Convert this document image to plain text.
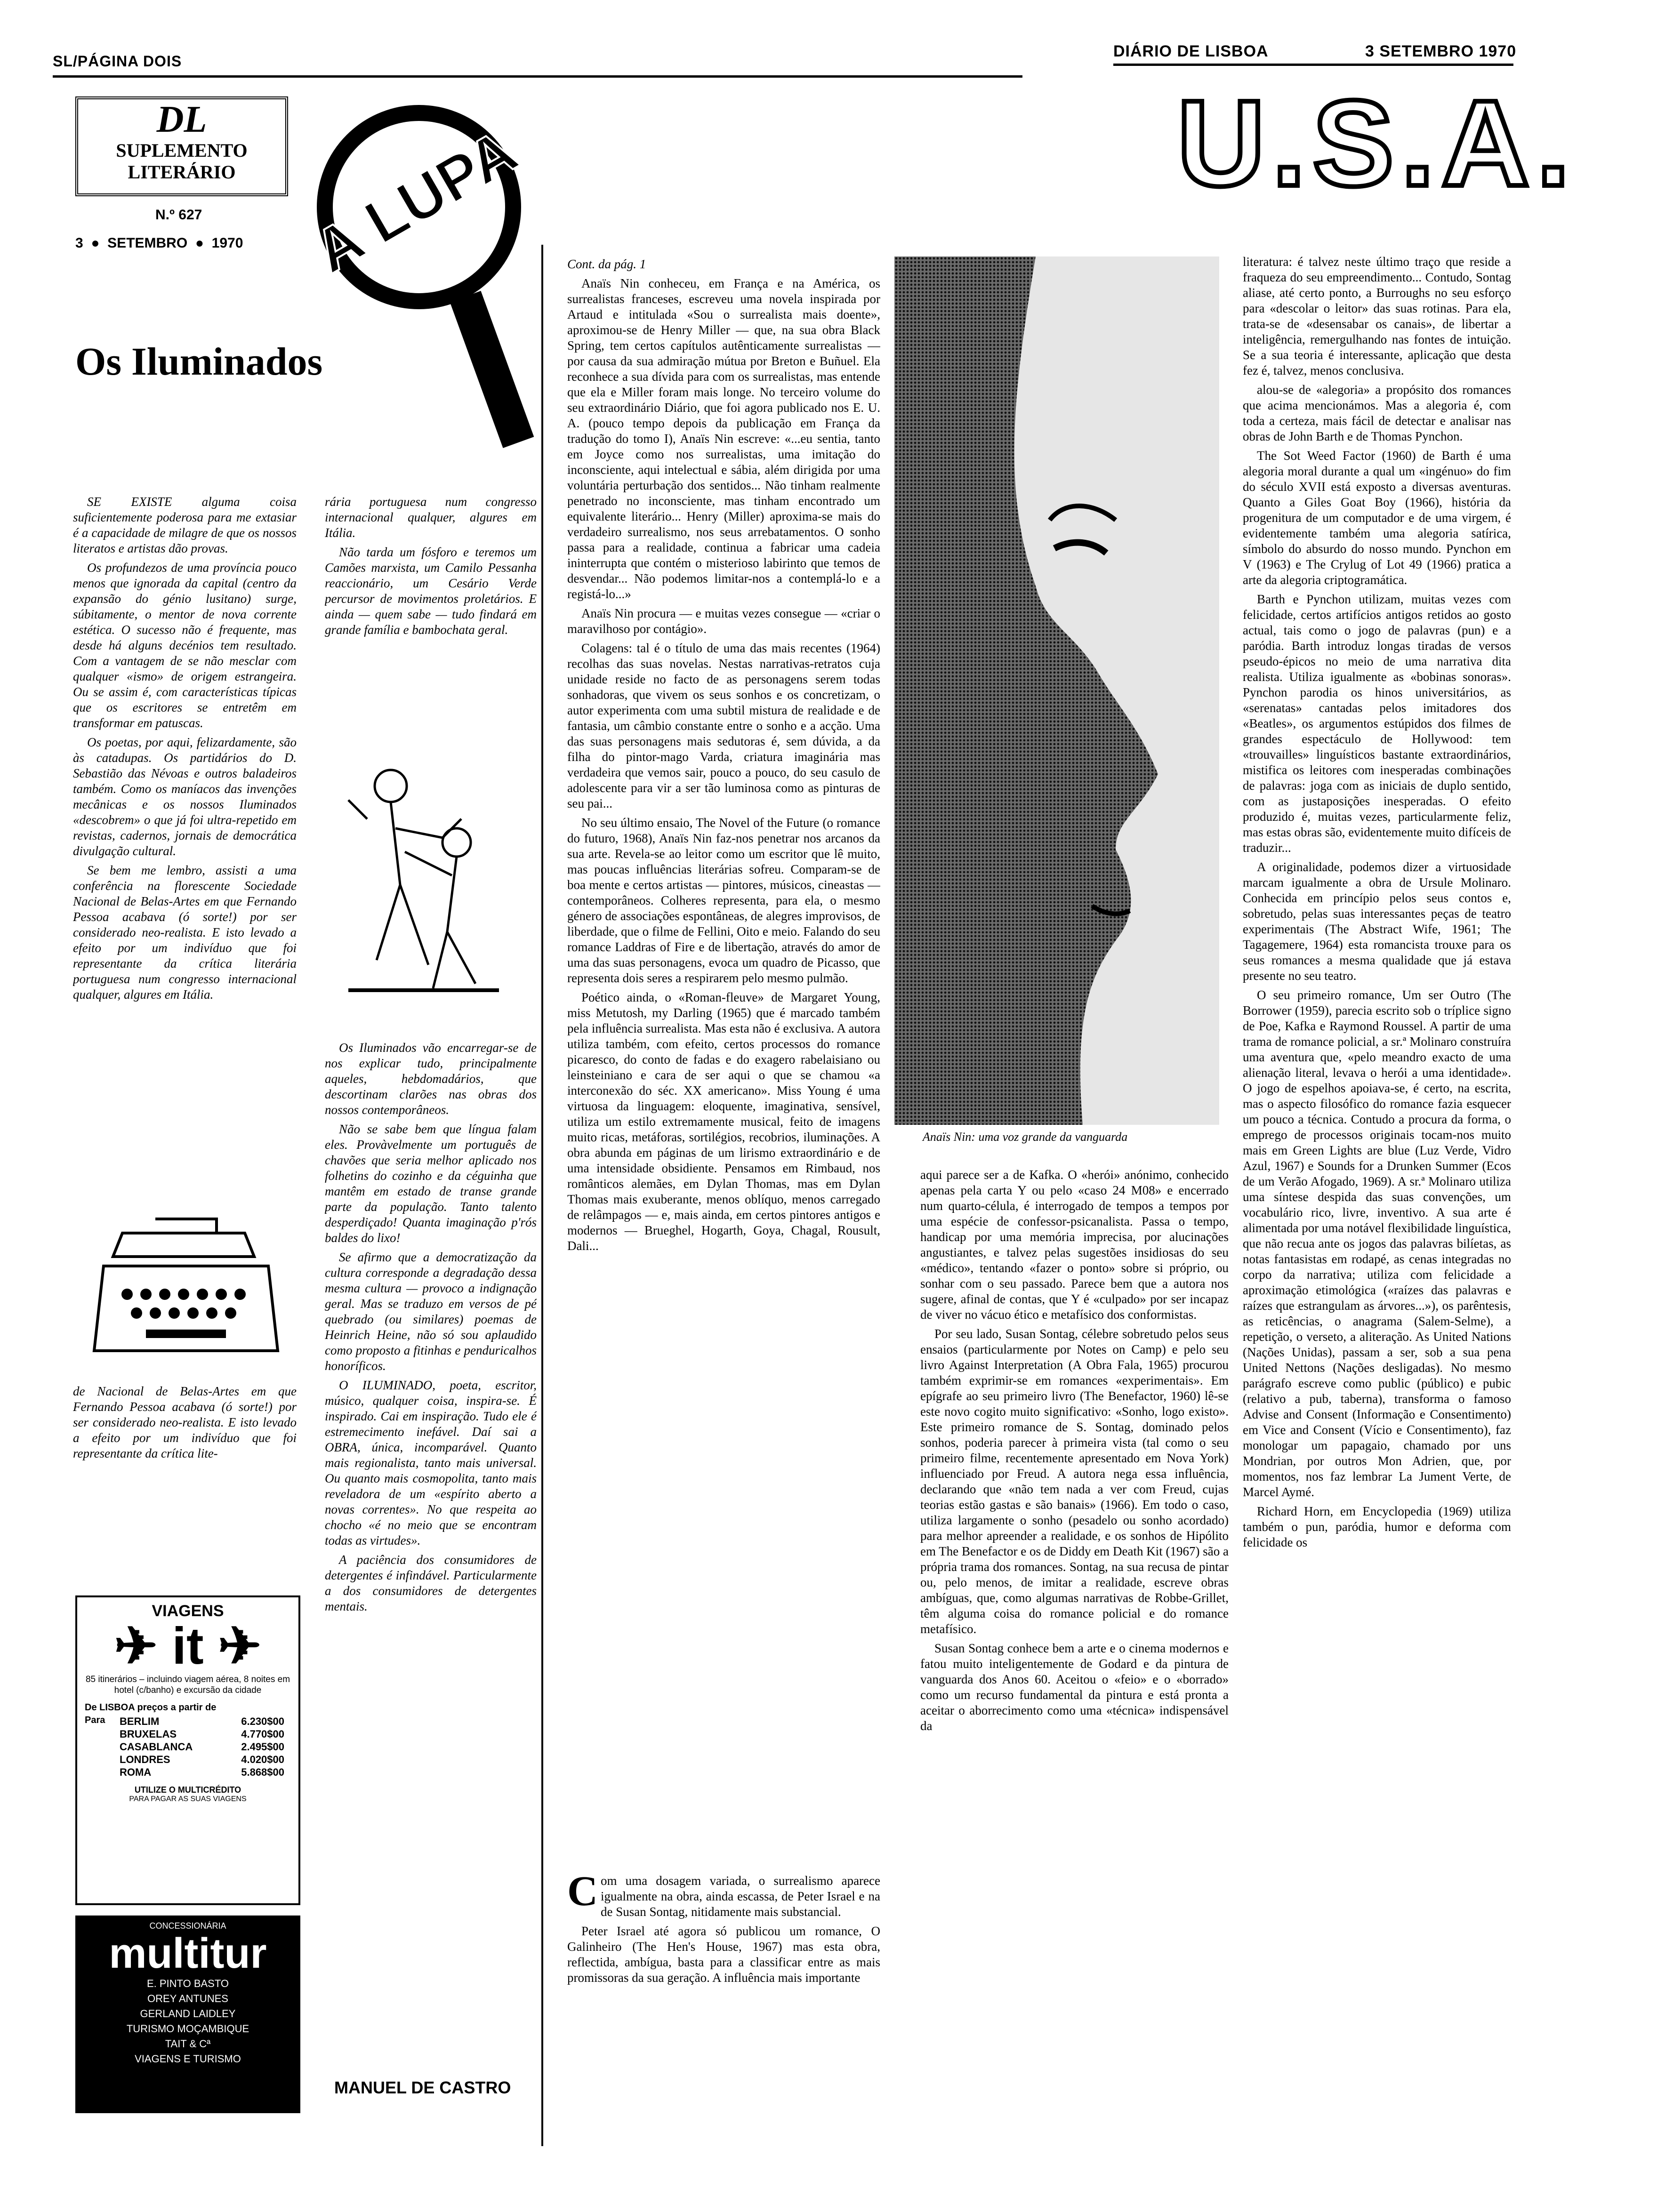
SL/PÁGINA DOIS
DIÁRIO DE LISBOA	3 SETEMBRO 1970
DL
SUPLEMENTO
LITERÁRIO
N.º 627
3  ●  SETEMBRO  ●  1970 A LUPA	U.S.A.
Os Iluminados

SE EXISTE alguma coisa suficientemente poderosa para me extasiar é a capacidade de milagre de que os nossos literatos e artistas dão provas.

Os profundezos de uma província pouco menos que ignorada da capital (centro da expansão do génio lusitano) surge, súbitamente, o mentor de nova corrente estética. O sucesso não é frequente, mas desde há alguns decénios tem resultado. Com a vantagem de se não mesclar com qualquer «ismo» de origem estrangeira. Ou se assim é, com características típicas que os escritores se entretêm em transformar em patuscas.

Os poetas, por aqui, felizardamente, são às catadupas. Os partidários do D. Sebastião das Névoas e outros baladeiros também. Como os maníacos das invenções mecânicas e os nossos Iluminados «descobrem» o que já foi ultra-repetido em revistas, cadernos, jornais de democrática divulgação cultural.

Se bem me lembro, assisti a uma conferência na florescente Sociedade Nacional de Belas-Artes em que Fernando Pessoa acabava (ó sorte!) por ser considerado neo-realista. E isto levado a efeito por um indivíduo que foi representante da crítica literária portuguesa num congresso internacional qualquer, algures em Itália.

rária portuguesa num congresso internacional qualquer, algures em Itália.

Não tarda um fósforo e teremos um Camões marxista, um Camilo Pessanha reaccionário, um Cesário Verde percursor de movimentos proletários. E ainda — quem sabe — tudo findará em grande família e bambochata geral.

de Nacional de Belas-Artes em que Fernando Pessoa acabava (ó sorte!) por ser considerado neo-realista. E isto levado a efeito por um indivíduo que foi representante da crítica lite-

Os Iluminados vão encarregar-se de nos explicar tudo, principalmente aqueles, hebdomadários, que descortinam clarões nas obras dos nossos contemporâneos.

Não se sabe bem que língua falam eles. Provàvelmente um português de chavões que seria melhor aplicado nos folhetins do cozinho e da céguinha que mantêm em estado de transe grande parte da população. Tanto talento desperdiçado! Quanta imaginação p'rós baldes do lixo!

Se afirmo que a democratização da cultura corresponde a degradação dessa mesma cultura — provoco a indignação geral. Mas se traduzo em versos de pé quebrado (ou similares) poemas de Heinrich Heine, não só sou aplaudido como proposto a fitinhas e penduricalhos honoríficos.

O ILUMINADO, poeta, escritor, músico, qualquer coisa, inspira-se. É inspirado. Cai em inspiração. Tudo ele é estremecimento inefável. Daí sai a OBRA, única, incomparável. Quanto mais regionalista, tanto mais universal. Ou quanto mais cosmopolita, tanto mais reveladora de um «espírito aberto a novas correntes». No que respeita ao chocho «é no meio que se encontram todas as virtudes».

A paciência dos consumidores de detergentes é infindável. Particularmente a dos consumidores de detergentes mentais.

MANUEL DE CASTRO
VIAGENS
✈ it ✈
85 itinerários – incluindo viagem aérea, 8 noites em hotel (c/banho) e excursão da cidade
De LISBOA preços a partir de
Para BERLIM	6.230$00
BRUXELAS	4.770$00
CASABLANCA	2.495$00
LONDRES	4.020$00
ROMA	5.868$00
UTILIZE O MULTICRÉDITO
PARA PAGAR AS SUAS VIAGENS
CONCESSIONÁRIA
multitur
E. PINTO BASTO
OREY ANTUNES
GERLAND LAIDLEY
TURISMO MOÇAMBIQUE
TAIT & Cª
VIAGENS E TURISMO
Cont. da pág. 1

Anaïs Nin conheceu, em França e na América, os surrealistas franceses, escreveu uma novela inspirada por Artaud e intitulada «Sou o surrealista mais doente», aproximou-se de Henry Miller — que, na sua obra Black Spring, tem certos capítulos autênticamente surrealistas — por causa da sua admiração mútua por Breton e Buñuel. Ela reconhece a sua dívida para com os surrealistas, mas entende que ela e Miller foram mais longe. No terceiro volume do seu extraordinário Diário, que foi agora publicado nos E. U. A. (pouco tempo depois da publicação em França da tradução do tomo I), Anaïs Nin escreve: «...eu sentia, tanto em Joyce como nos surrealistas, uma imitação do inconsciente, aqui intelectual e sábia, além dirigida por uma voluntária perturbação dos sentidos... Não tinham realmente penetrado no inconsciente, mas tinham encontrado um equivalente literário... Henry (Miller) aproxima-se mais do verdadeiro surrealismo, nos seus arrebatamentos. O sonho passa para a realidade, continua a fabricar uma cadeia ininterrupta que contém o misterioso labirinto que temos de desvendar... Não podemos limitar-nos a contemplá-lo e a registá-lo...»

Anaïs Nin procura — e muitas vezes consegue — «criar o maravilhoso por contágio».

Colagens: tal é o título de uma das mais recentes (1964) recolhas das suas novelas. Nestas narrativas-retratos cuja unidade reside no facto de as personagens serem todas sonhadoras, que vivem os seus sonhos e os concretizam, o autor experimenta com uma subtil mistura de realidade e de fantasia, um câmbio constante entre o sonho e a acção. Uma das suas personagens mais sedutoras é, sem dúvida, a da filha do pintor-mago Varda, criatura imaginária mas verdadeira que vemos sair, pouco a pouco, do seu casulo de adolescente para vir a ser tão luminosa como as pinturas de seu pai...

No seu último ensaio, The Novel of the Future (o romance do futuro, 1968), Anaïs Nin faz-nos penetrar nos arcanos da sua arte. Revela-se ao leitor como um escritor que lê muito, mas poucas influências literárias sofreu. Comparam-se de boa mente e certos artistas — pintores, músicos, cineastas — contemporâneos. Colheres representa, para ela, o mesmo género de associações espontâneas, de alegres improvisos, de liberdade, que o filme de Fellini, Oito e meio. Falando do seu romance Laddras of Fire e de libertação, através do amor de uma das suas personagens, evoca um quadro de Picasso, que representa dois seres a respirarem pelo mesmo pulmão.

Poético ainda, o «Roman-fleuve» de Margaret Young, miss Metutosh, my Darling (1965) que é marcado também pela influência surrealista. Mas esta não é exclusiva. A autora utiliza também, com efeito, certos processos do romance picaresco, do conto de fadas e do exagero rabelaisiano ou leinsteiniano e cara de ser aqui o que se chamou «a interconexão do séc. XX americano». Miss Young é uma virtuosa da linguagem: eloquente, imaginativa, sensível, utiliza um estilo extremamente musical, feito de imagens muito ricas, metáforas, sortilégios, recobrios, iluminações. A obra abunda em páginas de um lirismo extraordinário e de uma intensidade obsidiente. Pensamos em Rimbaud, nos românticos alemães, em Dylan Thomas, mas em Dylan Thomas mais exuberante, menos oblíquo, menos carregado de relâmpagos — e, mais ainda, em certos pintores antigos e modernos — Brueghel, Hogarth, Goya, Chagal, Rousult, Dali...

C om uma dosagem variada, o surrealismo aparece igualmente na obra, ainda escassa, de Peter Israel e na de Susan Sontag, nitidamente mais substancial.

Peter Israel até agora só publicou um romance, O Galinheiro (The Hen's House, 1967) mas esta obra, reflectida, ambígua, basta para a classificar entre as mais promissoras da sua geração. A influência mais importante

Anaïs Nin: uma voz grande da vanguarda

aqui parece ser a de Kafka. O «herói» anónimo, conhecido apenas pela carta Y ou pelo «caso 24 M08» e encerrado num quarto-célula, é interrogado de tempos a tempos por uma espécie de confessor-psicanalista. Passa o tempo, handicap por uma memória imprecisa, por alucinações angustiantes, e talvez pelas sugestões insidiosas do seu «médico», tentando «fazer o ponto» sobre si próprio, ou sonhar com o seu passado. Parece bem que a autora nos sugere, afinal de contas, que Y é «culpado» por ser incapaz de viver no vácuo ético e metafísico dos conformistas.

Por seu lado, Susan Sontag, célebre sobretudo pelos seus ensaios (particularmente por Notes on Camp) e pelo seu livro Against Interpretation (A Obra Fala, 1965) procurou também exprimir-se em romances «experimentais». Em epígrafe ao seu primeiro livro (The Benefactor, 1960) lê-se este novo cogito muito significativo: «Sonho, logo existo». Este primeiro romance de S. Sontag, dominado pelos sonhos, poderia parecer à primeira vista (tal como o seu primeiro filme, recentemente apresentado em Nova York) influenciado por Freud. A autora nega essa influência, declarando que «não tem nada a ver com Freud, cujas teorias estão gastas e são banais» (1966). Em todo o caso, utiliza largamente o sonho (pesadelo ou sonho acordado) para melhor apreender a realidade, e os sonhos de Hipólito em The Benefactor e os de Diddy em Death Kit (1967) são a própria trama dos romances. Sontag, na sua recusa de pintar ou, pelo menos, de imitar a realidade, escreve obras ambíguas, que, como algumas narrativas de Robbe-Grillet, têm alguma coisa do romance policial e do romance metafísico.

Susan Sontag conhece bem a arte e o cinema modernos e fatou muito inteligentemente de Godard e da pintura de vanguarda dos Anos 60. Aceitou o «feio» e o «borrado» como um recurso fundamental da pintura e está pronta a aceitar o aborrecimento como uma «técnica» indispensável da

literatura: é talvez neste último traço que reside a fraqueza do seu empreendimento... Contudo, Sontag aliase, até certo ponto, a Burroughs no seu esforço para «descolar o leitor» das suas rotinas. Para ela, trata-se de «desensabar os canais», de libertar a inteligência, remergulhando nas fontes de intuição. Se a sua teoria é interessante, aplicação que desta fez é, talvez, menos conclusiva.

alou-se de «alegoria» a propósito dos romances que acima mencionámos. Mas a alegoria é, com toda a certeza, mais fácil de detectar e analisar nas obras de John Barth e de Thomas Pynchon.

The Sot Weed Factor (1960) de Barth é uma alegoria moral durante a qual um «ingénuo» do fim do século XVII está exposto a diversas aventuras. Quanto a Giles Goat Boy (1966), história da progenitura de um computador e de uma virgem, é evidentemente também uma alegoria satírica, símbolo do absurdo do nosso mundo. Pynchon em V (1963) e The Crylug of Lot 49 (1966) pratica a arte da alegoria criptogramática.

Barth e Pynchon utilizam, muitas vezes com felicidade, certos artifícios antigos retidos ao gosto actual, tais como o jogo de palavras (pun) e a paródia. Barth introduz longas tiradas de versos pseudo-épicos no meio de uma narrativa dita realista. Utiliza igualmente as «bobinas sonoras». Pynchon parodia os hinos universitários, as «serenatas» cantadas pelos imitadores dos «Beatles», os argumentos estúpidos dos filmes de grandes espectáculo de Hollywood: tem «trouvailles» linguísticos bastante extraordinários, mistifica os leitores com inesperadas combinações de palavras: joga com as iniciais de duplo sentido, com as justaposições inesperadas. O efeito produzido é, muitas vezes, particularmente feliz, mas estas obras são, evidentemente muito difíceis de traduzir...

A originalidade, podemos dizer a virtuosidade marcam igualmente a obra de Ursule Molinaro. Conhecida em princípio pelos seus contos e, sobretudo, pelas suas interessantes peças de teatro experimentais (The Abstract Wife, 1961; The Tagagemere, 1964) esta romancista trouxe para os seus romances a mesma qualidade que já estava presente no seu teatro.

O seu primeiro romance, Um ser Outro (The Borrower (1959), parecia escrito sob o tríplice signo de Poe, Kafka e Raymond Roussel. A partir de uma trama de romance policial, a sr.ª Molinaro construíra uma aventura que, «pelo meandro exacto de uma alienação literal, levava o herói a uma identidade». O jogo de espelhos apoiava-se, é certo, na escrita, mas o aspecto filosófico do romance fazia esquecer um pouco a técnica. Contudo a procura da forma, o emprego de processos originais tocam-nos muito mais em Green Lights are blue (Luz Verde, Vidro Azul, 1967) e Sounds for a Drunken Summer (Ecos de um Verão Afogado, 1969). A sr.ª Molinaro utiliza uma síntese despida das suas convenções, um vocabulário rico, livre, inventivo. A sua arte é alimentada por uma notável flexibilidade linguística, que não recua ante os jogos das palavras bilíetas, as notas fantasistas em rodapé, as cenas integradas no corpo da narrativa; utiliza com felicidade a aproximação etimológica («raízes das palavras e raízes que estrangulam as árvores...»), os parêntesis, as reticências, o anagrama (Salem-Selme), a repetição, o verseto, a aliteração. As United Nations (Nações Unidas), passam a ser, sob a sua pena United Nettons (Nações desligadas). No mesmo parágrafo escreve como public (público) e pubic (relativo a pub, taberna), transforma o famoso Advise and Consent (Informação e Consentimento) em Vice and Consent (Vício e Consentimento), faz monologar um papagaio, chamado por uns Mondrian, por outros Mon Adrien, que, por momentos, nos faz lembrar La Jument Verte, de Marcel Aymé.

Richard Horn, em Encyclopedia (1969) utiliza também o pun, paródia, humor e deforma com felicidade os
